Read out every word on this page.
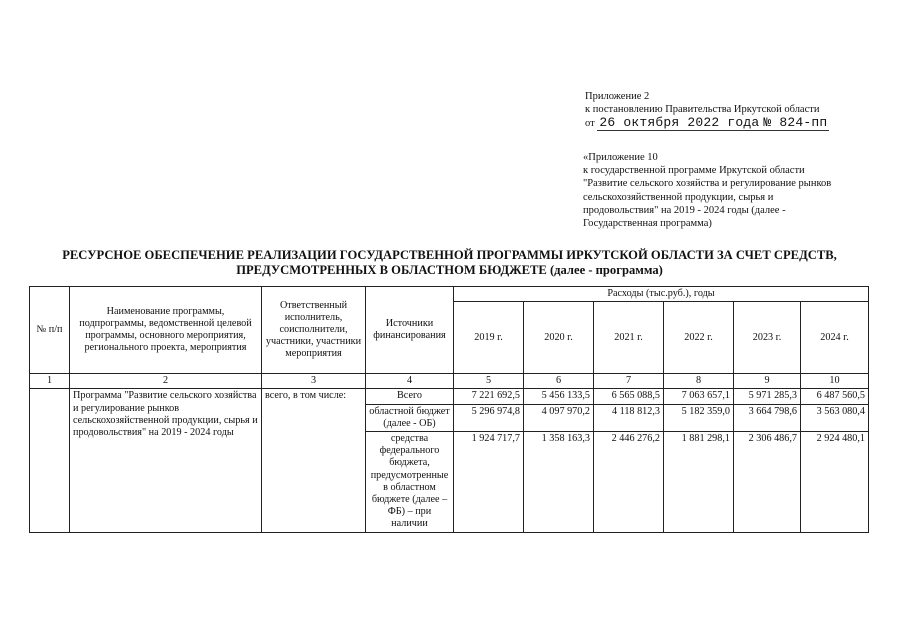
Приложение 2
к постановлению Правительства Иркутской области
от 26 октября 2022 года № 824-пп
«Приложение 10
к государственной программе Иркутской области
"Развитие сельского хозяйства и регулирование рынков
сельскохозяйственной продукции, сырья и
продовольствия" на 2019 - 2024 годы (далее -
Государственная программа)
РЕСУРСНОЕ ОБЕСПЕЧЕНИЕ РЕАЛИЗАЦИИ ГОСУДАРСТВЕННОЙ ПРОГРАММЫ ИРКУТСКОЙ ОБЛАСТИ ЗА СЧЕТ СРЕДСТВ,
ПРЕДУСМОТРЕННЫХ В ОБЛАСТНОМ БЮДЖЕТЕ (далее - программа)
№ п/п	Наименование программы, подпрограммы, ведомственной целевой программы, основного мероприятия, регионального проекта, мероприятия	Ответственный исполнитель, соисполнители, участники, участники мероприятия	Источники финансирования	Расходы (тыс.руб.), годы					
				2019 г.	2020 г.	2021 г.	2022 г.	2023 г.	2024 г.
1	2	3	4	5	6	7	8	9	10
	Программа "Развитие сельского хозяйства и регулирование рынков сельскохозяйственной продукции, сырья и продовольствия" на 2019 - 2024 годы	всего, в том числе:	Всего	7 221 692,5	5 456 133,5	6 565 088,5	7 063 657,1	5 971 285,3	6 487 560,5
			областной бюджет (далее - ОБ)	5 296 974,8	4 097 970,2	4 118 812,3	5 182 359,0	3 664 798,6	3 563 080,4
			средства федерального бюджета, предусмотренные в областном бюджете (далее – ФБ) – при наличии	1 924 717,7	1 358 163,3	2 446 276,2	1 881 298,1	2 306 486,7	2 924 480,1
